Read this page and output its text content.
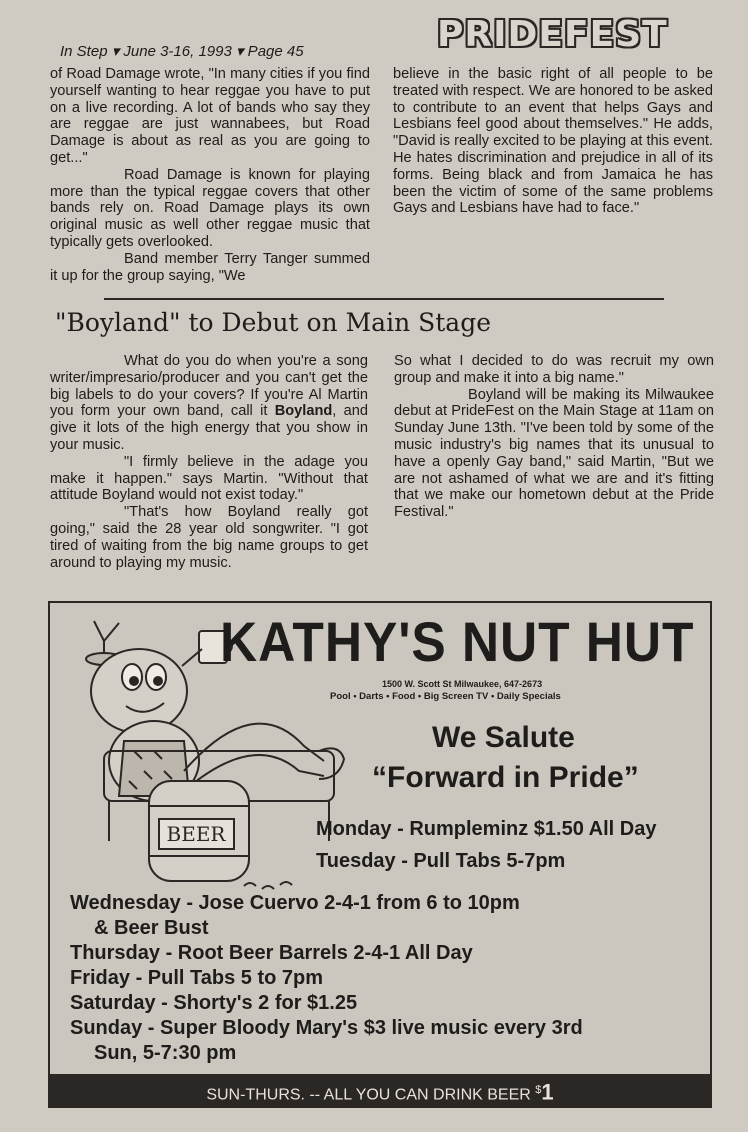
In Step ▾ June 3-16, 1993 ▾ Page 45	PRIDEFEST

of Road Damage wrote, "In many cities if you find yourself wanting to hear reggae you have to put on a live recording. A lot of bands who say they are reggae are just wannabees, but Road Damage is about as real as you are going to get..."

Road Damage is known for playing more than the typical reggae covers that other bands rely on. Road Damage plays its own original music as well other reggae music that typically gets overlooked.

Band member Terry Tanger summed it up for the group saying, "We

believe in the basic right of all people to be treated with respect. We are honored to be asked to contribute to an event that helps Gays and Lesbians feel good about themselves." He adds, "David is really excited to be playing at this event. He hates discrimination and prejudice in all of its forms. Being black and from Jamaica he has been the victim of some of the same problems Gays and Lesbians have had to face."

"Boyland" to Debut on Main Stage

What do you do when you're a song writer/impresario/producer and you can't get the big labels to do your covers? If you're Al Martin you form your own band, call it Boyland, and give it lots of the high energy that you show in your music.

"I firmly believe in the adage you make it happen." says Martin. "Without that attitude Boyland would not exist today."

"That's how Boyland really got going," said the 28 year old songwriter. "I got tired of waiting from the big name groups to get around to playing my music.

So what I decided to do was recruit my own group and make it into a big name."

Boyland will be making its Milwaukee debut at PrideFest on the Main Stage at 11am on Sunday June 13th. "I've been told by some of the music industry's big names that its unusual to have a openly Gay band," said Martin, "But we are not ashamed of what we are and it's fitting that we make our hometown debut at the Pride Festival."

BEER
KATHY'S NUT HUT
1500 W. Scott St Milwaukee, 647-2673
Pool • Darts • Food • Big Screen TV • Daily Specials
We Salute
“Forward in Pride”
Monday - Rumpleminz $1.50 All Day
Tuesday - Pull Tabs 5-7pm
Wednesday - Jose Cuervo 2-4-1 from 6 to 10pm
& Beer Bust
Thursday - Root Beer Barrels 2-4-1 All Day
Friday - Pull Tabs 5 to 7pm
Saturday - Shorty's 2 for $1.25
Sunday - Super Bloody Mary's $3 live music every 3rd
Sun, 5-7:30 pm
SUN-THURS. -- ALL YOU CAN DRINK BEER $1
